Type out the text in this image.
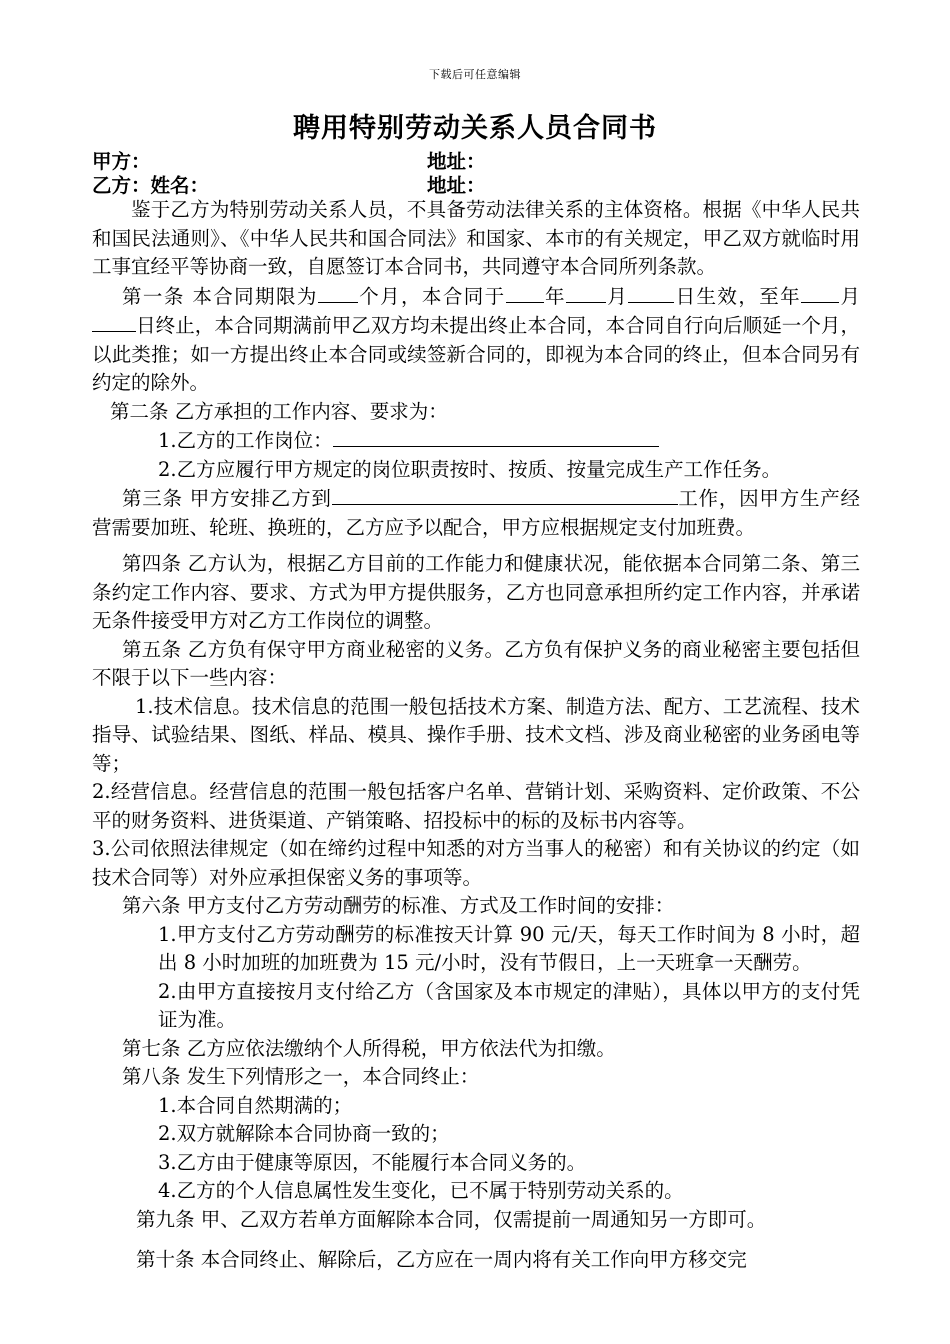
下载后可任意编辑
聘用特别劳动关系人员合同书
甲方：	地址：
乙方：姓名：	地址：

鉴于乙方为特别劳动关系人员，不具备劳动法律关系的主体资格。根据《中华人民共和国民法通则》、《中华人民共和国合同法》和国家、本市的有关规定，甲乙双方就临时用工事宜经平等协商一致，自愿签订本合同书，共同遵守本合同所列条款。

第一条 本合同期限为 个月，本合同于 年 月 日生效，至年 月日终止，本合同期满前甲乙双方均未提出终止本合同，本合同自行向后顺延一个月，以此类推；如一方提出终止本合同或续签新合同的，即视为本合同的终止，但本合同另有约定的除外。

第二条 乙方承担的工作内容、要求为：

1.乙方的工作岗位：

2.乙方应履行甲方规定的岗位职责按时、按质、按量完成生产工作任务。

第三条 甲方安排乙方到	工作，因甲方生产经营需要加班、轮班、换班的，乙方应予以配合，甲方应根据规定支付加班费。

第四条 乙方认为，根据乙方目前的工作能力和健康状况，能依据本合同第二条、第三条约定工作内容、要求、方式为甲方提供服务，乙方也同意承担所约定工作内容，并承诺无条件接受甲方对乙方工作岗位的调整。

第五条 乙方负有保守甲方商业秘密的义务。乙方负有保护义务的商业秘密主要包括但不限于以下一些内容：

1.技术信息。技术信息的范围一般包括技术方案、制造方法、配方、工艺流程、技术指导、试验结果、图纸、样品、模具、操作手册、技术文档、涉及商业秘密的业务函电等等；

2.经营信息。经营信息的范围一般包括客户名单、营销计划、采购资料、定价政策、不公平的财务资料、进货渠道、产销策略、招投标中的标的及标书内容等。

3.公司依照法律规定（如在缔约过程中知悉的对方当事人的秘密）和有关协议的约定（如技术合同等）对外应承担保密义务的事项等。

第六条 甲方支付乙方劳动酬劳的标准、方式及工作时间的安排：

1.甲方支付乙方劳动酬劳的标准按天计算 90 元/天，每天工作时间为 8 小时，超出 8 小时加班的加班费为 15 元/小时，没有节假日，上一天班拿一天酬劳。

2.由甲方直接按月支付给乙方（含国家及本市规定的津贴），具体以甲方的支付凭证为准。

第七条 乙方应依法缴纳个人所得税，甲方依法代为扣缴。

第八条 发生下列情形之一，本合同终止：

1.本合同自然期满的；

2.双方就解除本合同协商一致的；

3.乙方由于健康等原因，不能履行本合同义务的。

4.乙方的个人信息属性发生变化，已不属于特别劳动关系的。

第九条 甲、乙双方若单方面解除本合同，仅需提前一周通知另一方即可。

第十条 本合同终止、解除后，乙方应在一周内将有关工作向甲方移交完
